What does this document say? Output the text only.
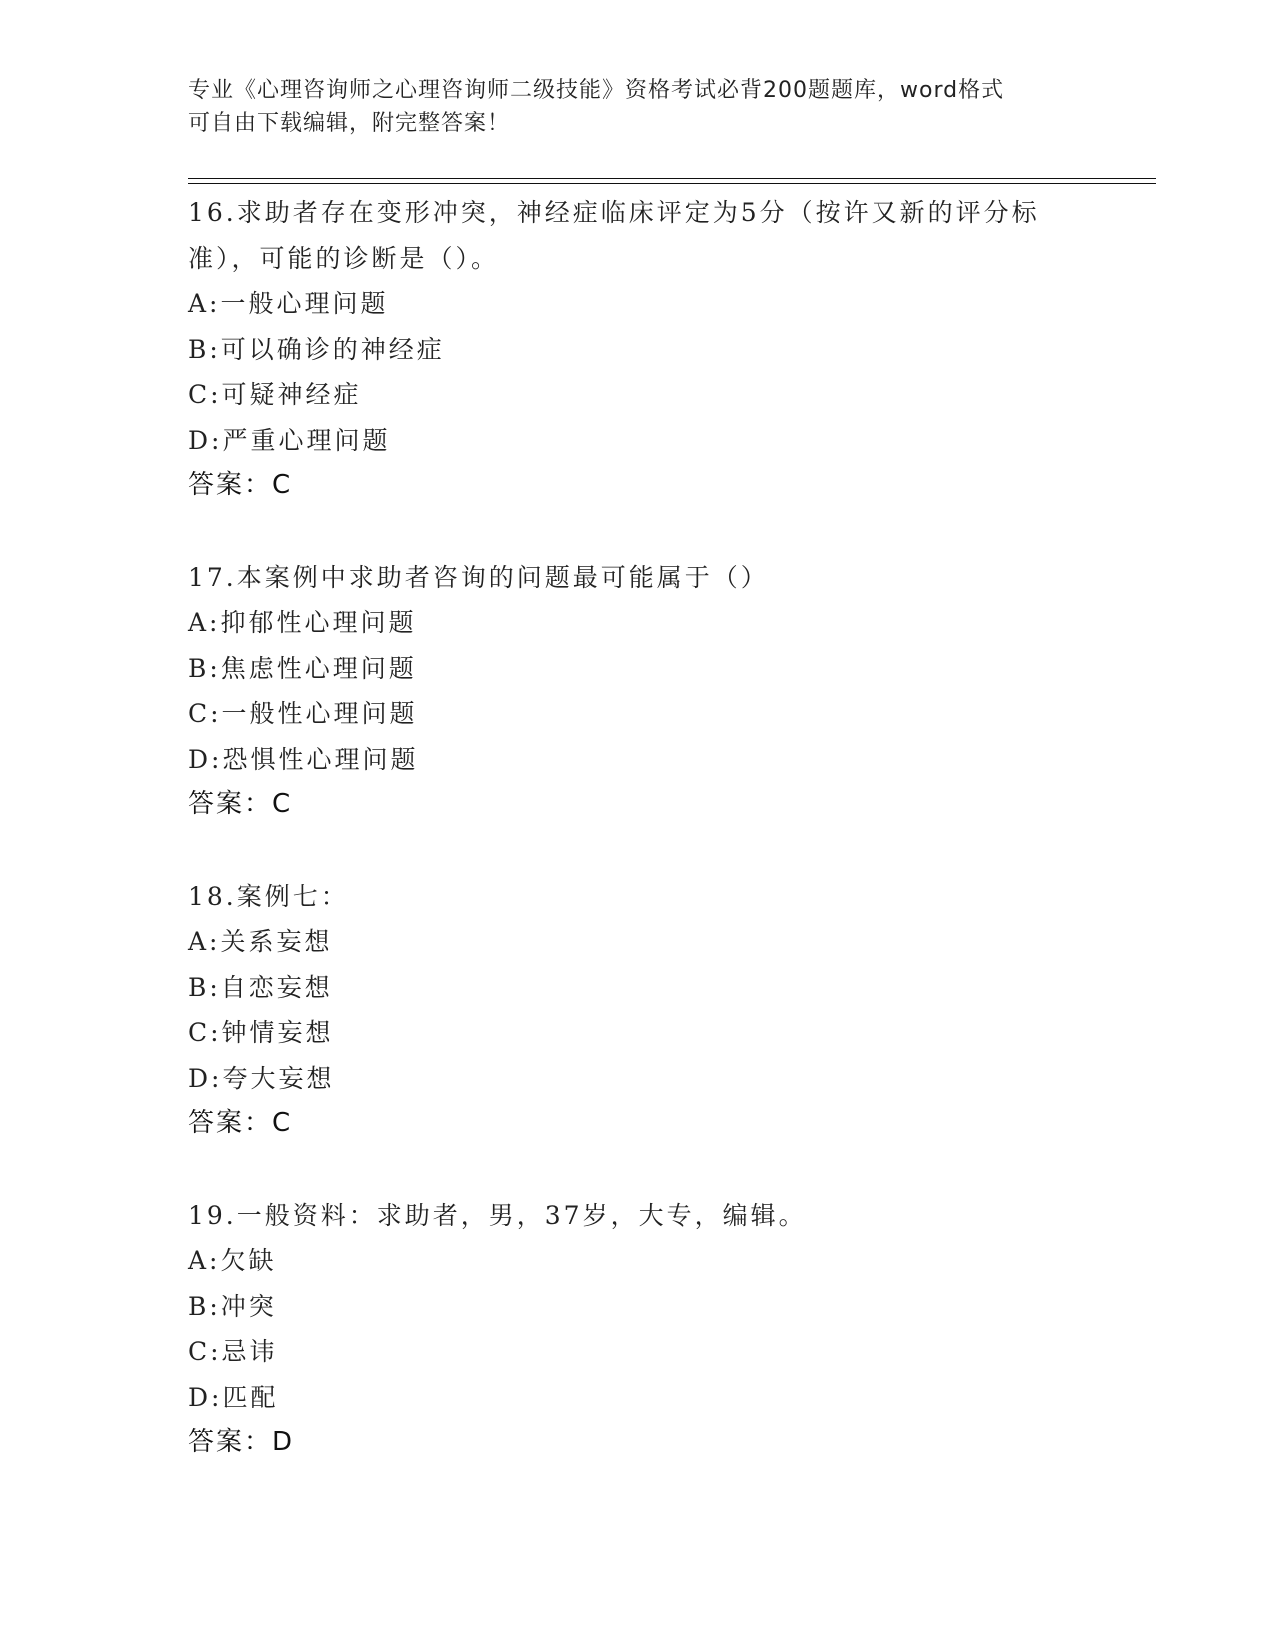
专业《心理咨询师之心理咨询师二级技能》资格考试必背200题题库，word格式
可自由下载编辑，附完整答案！
16.求助者存在变形冲突，神经症临床评定为5分（按许又新的评分标准），可能的诊断是（）。
A:一般心理问题
B:可以确诊的神经症
C:可疑神经症
D:严重心理问题
答案：C
17.本案例中求助者咨询的问题最可能属于（）
A:抑郁性心理问题
B:焦虑性心理问题
C:一般性心理问题
D:恐惧性心理问题
答案：C
18.案例七：
A:关系妄想
B:自恋妄想
C:钟情妄想
D:夸大妄想
答案：C
19.一般资料：求助者，男，37岁，大专，编辑。
A:欠缺
B:冲突
C:忌讳
D:匹配
答案：D
